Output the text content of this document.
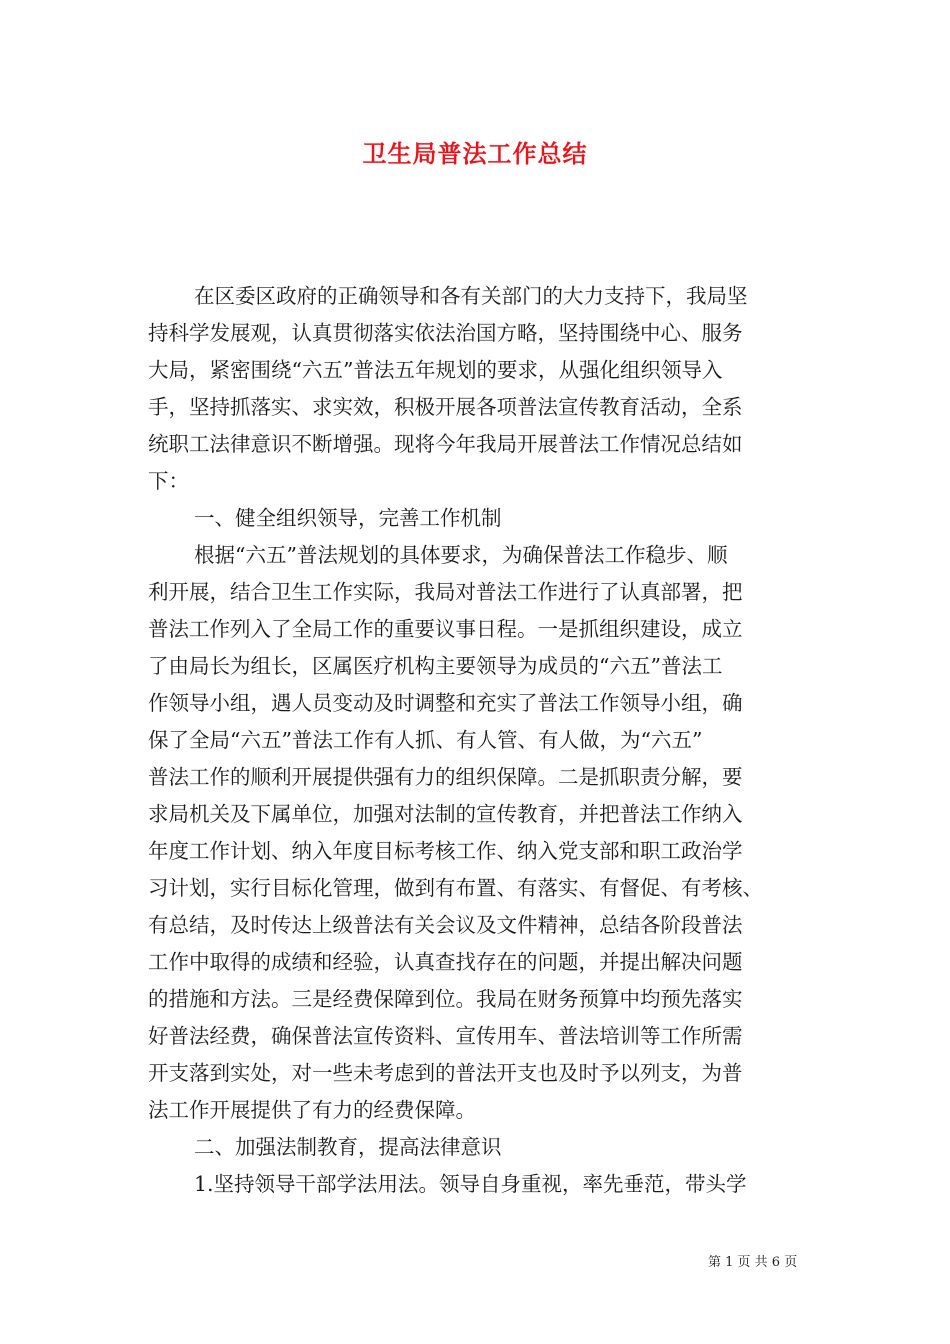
卫生局普法工作总结
在区委区政府的正确领导和各有关部门的大力支持下，我局坚
持科学发展观，认真贯彻落实依法治国方略，坚持围绕中心、服务
大局，紧密围绕“六五”普法五年规划的要求，从强化组织领导入
手，坚持抓落实、求实效，积极开展各项普法宣传教育活动，全系
统职工法律意识不断增强。现将今年我局开展普法工作情况总结如
下：
一、健全组织领导，完善工作机制
根据“六五”普法规划的具体要求，为确保普法工作稳步、顺
利开展，结合卫生工作实际，我局对普法工作进行了认真部署，把
普法工作列入了全局工作的重要议事日程。一是抓组织建设，成立
了由局长为组长，区属医疗机构主要领导为成员的“六五”普法工
作领导小组，遇人员变动及时调整和充实了普法工作领导小组，确
保了全局“六五”普法工作有人抓、有人管、有人做，为“六五”
普法工作的顺利开展提供强有力的组织保障。二是抓职责分解，要
求局机关及下属单位，加强对法制的宣传教育，并把普法工作纳入
年度工作计划、纳入年度目标考核工作、纳入党支部和职工政治学
习计划，实行目标化管理，做到有布置、有落实、有督促、有考核、
有总结，及时传达上级普法有关会议及文件精神，总结各阶段普法
工作中取得的成绩和经验，认真查找存在的问题，并提出解决问题
的措施和方法。三是经费保障到位。我局在财务预算中均预先落实
好普法经费，确保普法宣传资料、宣传用车、普法培训等工作所需
开支落到实处，对一些未考虑到的普法开支也及时予以列支，为普
法工作开展提供了有力的经费保障。
二、加强法制教育，提高法律意识
1.坚持领导干部学法用法。领导自身重视，率先垂范，带头学
第 1 页 共 6 页
